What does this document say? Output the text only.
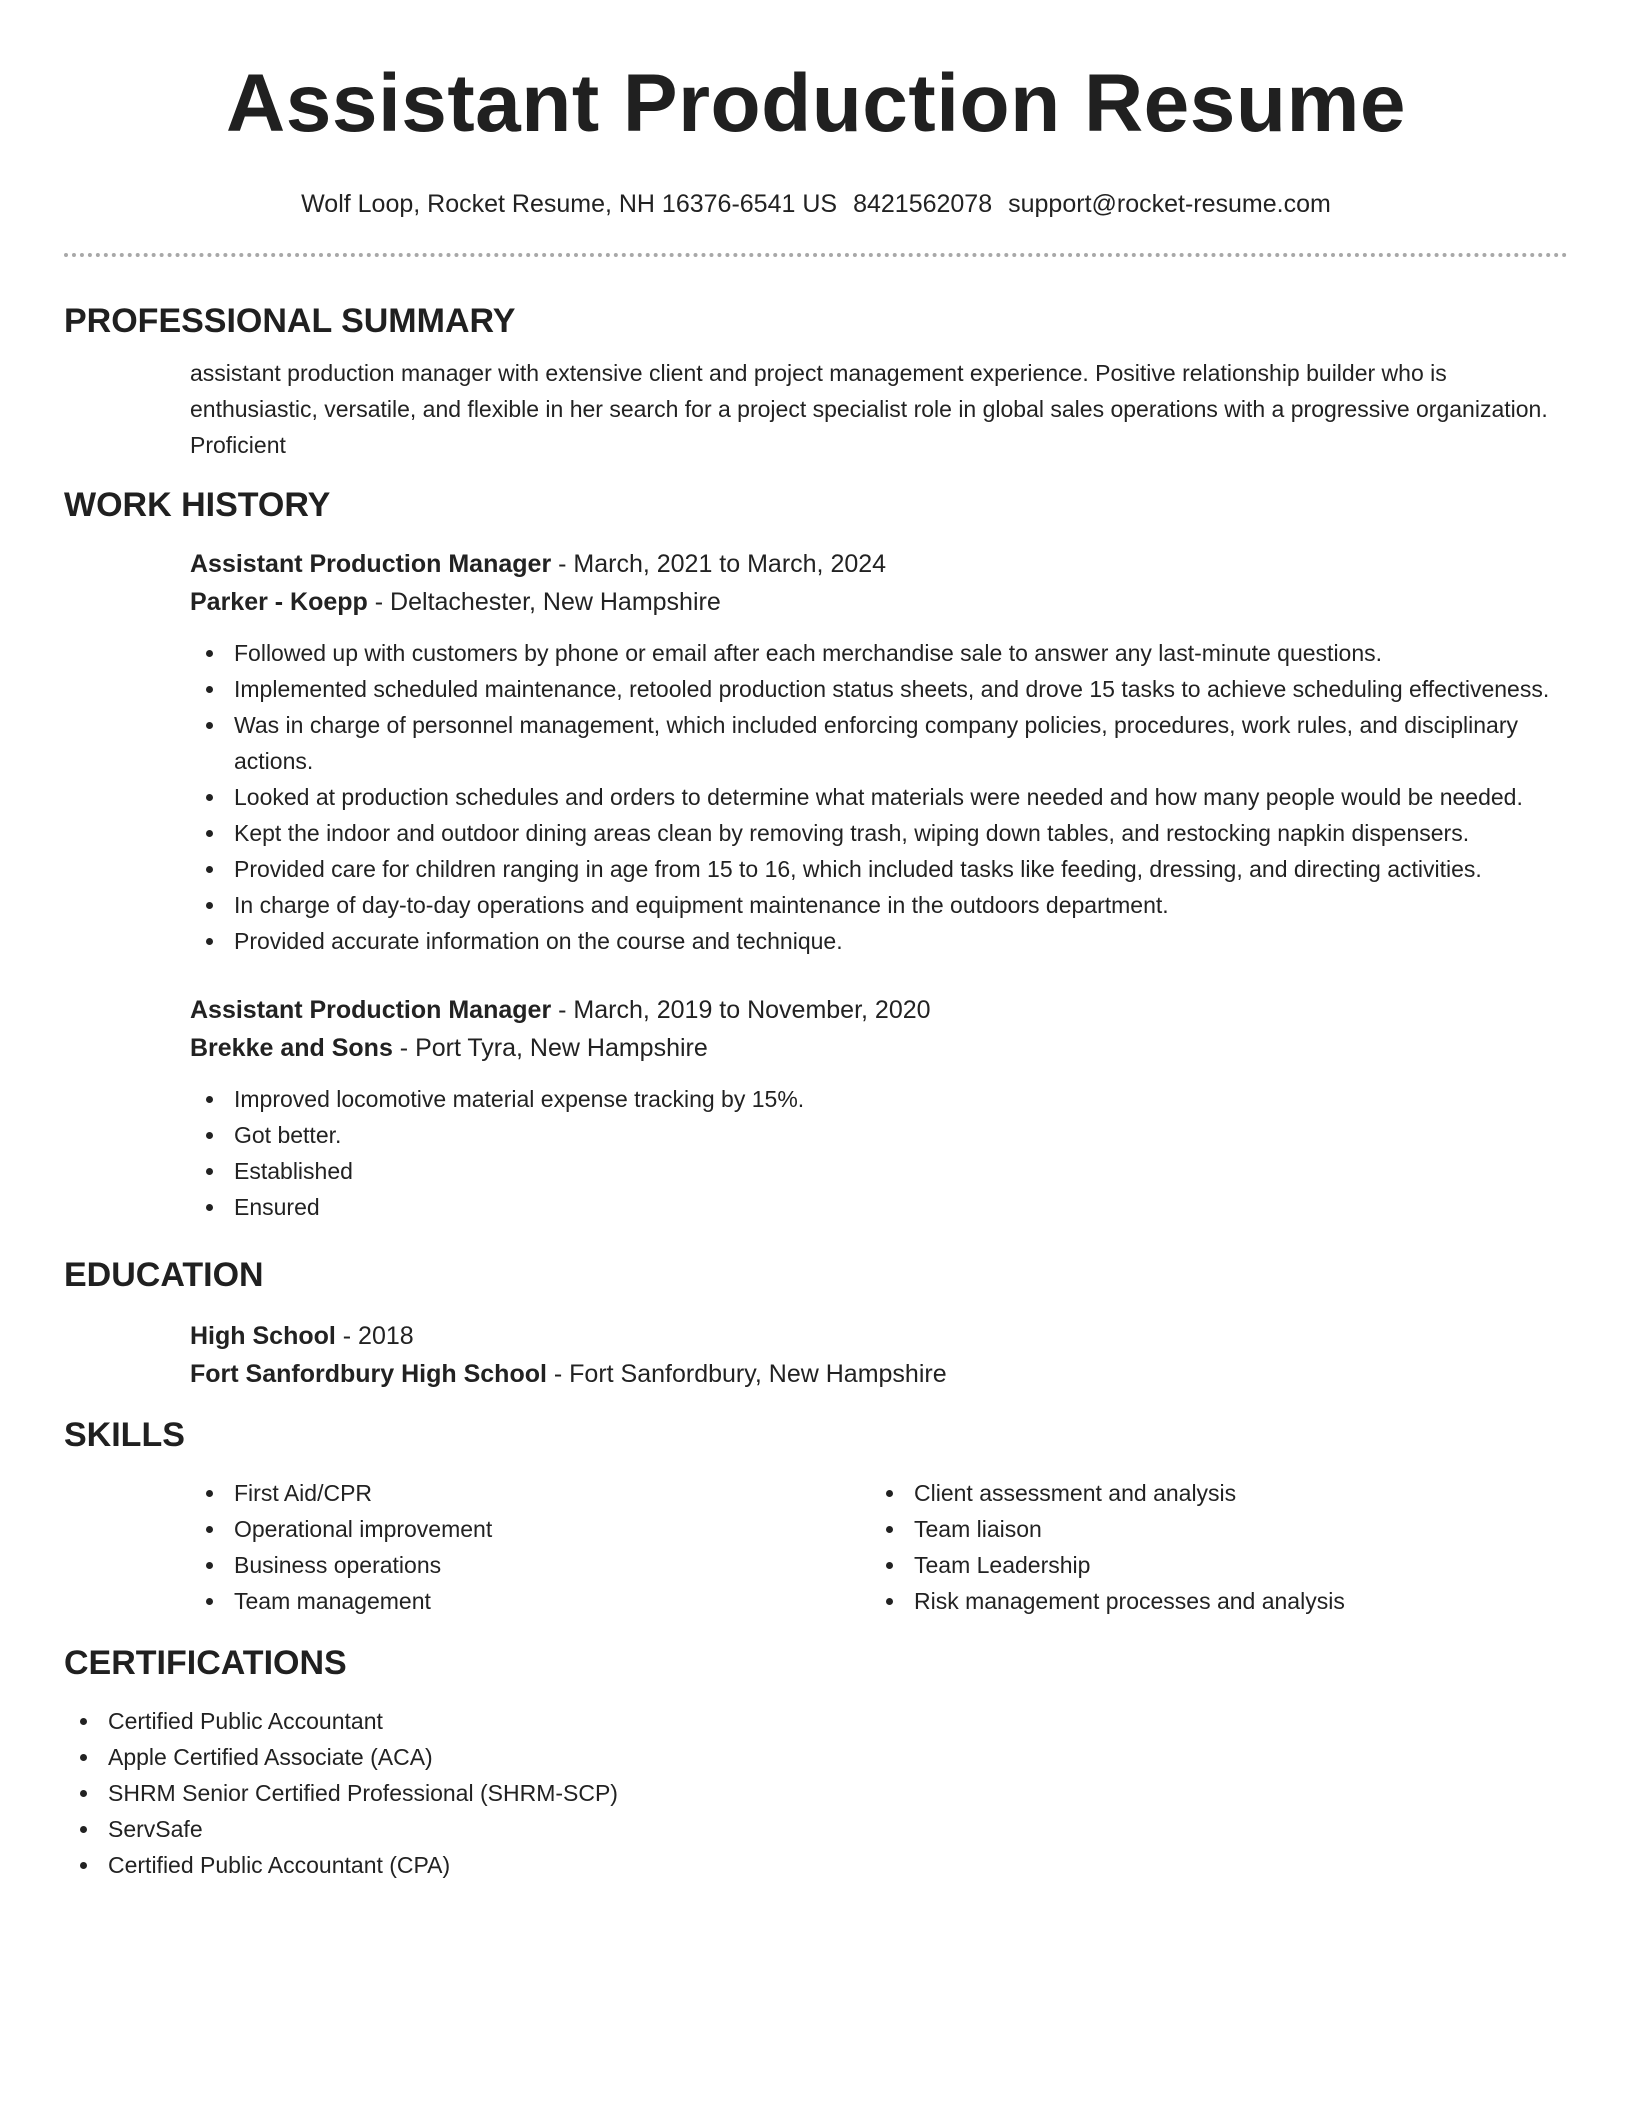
Assistant Production Resume
Wolf Loop, Rocket Resume, NH 16376-6541 US 8421562078 support@rocket-resume.com
PROFESSIONAL SUMMARY
assistant production manager with extensive client and project management experience. Positive relationship builder who is enthusiastic, versatile, and flexible in her search for a project specialist role in global sales operations with a progressive organization. Proficient
WORK HISTORY
Assistant Production Manager - March, 2021 to March, 2024
Parker - Koepp - Deltachester, New Hampshire
Followed up with customers by phone or email after each merchandise sale to answer any last-minute questions.
Implemented scheduled maintenance, retooled production status sheets, and drove 15 tasks to achieve scheduling effectiveness.
Was in charge of personnel management, which included enforcing company policies, procedures, work rules, and disciplinary actions.
Looked at production schedules and orders to determine what materials were needed and how many people would be needed.
Kept the indoor and outdoor dining areas clean by removing trash, wiping down tables, and restocking napkin dispensers.
Provided care for children ranging in age from 15 to 16, which included tasks like feeding, dressing, and directing activities.
In charge of day-to-day operations and equipment maintenance in the outdoors department.
Provided accurate information on the course and technique.
Assistant Production Manager - March, 2019 to November, 2020
Brekke and Sons - Port Tyra, New Hampshire
Improved locomotive material expense tracking by 15%.
Got better.
Established
Ensured
EDUCATION
High School - 2018
Fort Sanfordbury High School - Fort Sanfordbury, New Hampshire
SKILLS
First Aid/CPR
Operational improvement
Business operations
Team management
Client assessment and analysis
Team liaison
Team Leadership
Risk management processes and analysis
CERTIFICATIONS
Certified Public Accountant
Apple Certified Associate (ACA)
SHRM Senior Certified Professional (SHRM-SCP)
ServSafe
Certified Public Accountant (CPA)
